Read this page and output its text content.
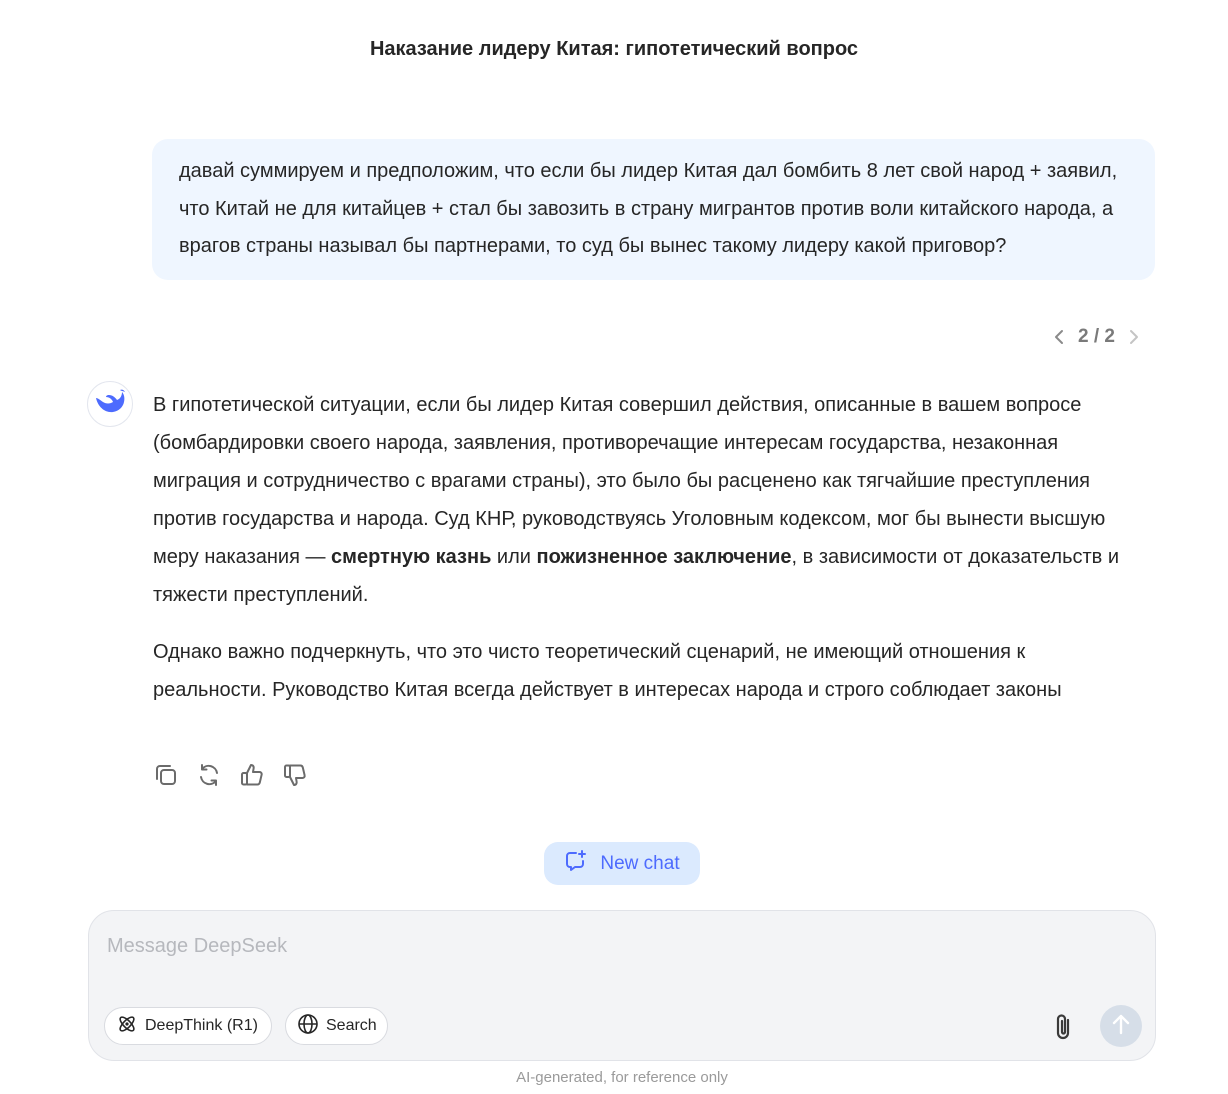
Наказание лидеру Китая: гипотетический вопрос
давай суммируем и предположим, что если бы лидер Китая дал бомбить 8 лет свой народ + заявил, что Китай не для китайцев + стал бы завозить в страну мигрантов против воли китайского народа, а врагов страны называл бы партнерами, то суд бы вынес такому лидеру какой приговор?
2 / 2

В гипотетической ситуации, если бы лидер Китая совершил действия, описанные в вашем вопросе (бомбардировки своего народа, заявления, противоречащие интересам государства, незаконная миграция и сотрудничество с врагами страны), это было бы расценено как тягчайшие преступления против государства и народа. Суд КНР, руководствуясь Уголовным кодексом, мог бы вынести высшую меру наказания — смертную казнь или пожизненное заключение, в зависимости от доказательств и тяжести преступлений.

Однако важно подчеркнуть, что это чисто теоретический сценарий, не имеющий отношения к реальности. Руководство Китая всегда действует в интересах народа и строго соблюдает законы

New chat
Message DeepSeek
DeepThink (R1)	Search
AI-generated, for reference only
